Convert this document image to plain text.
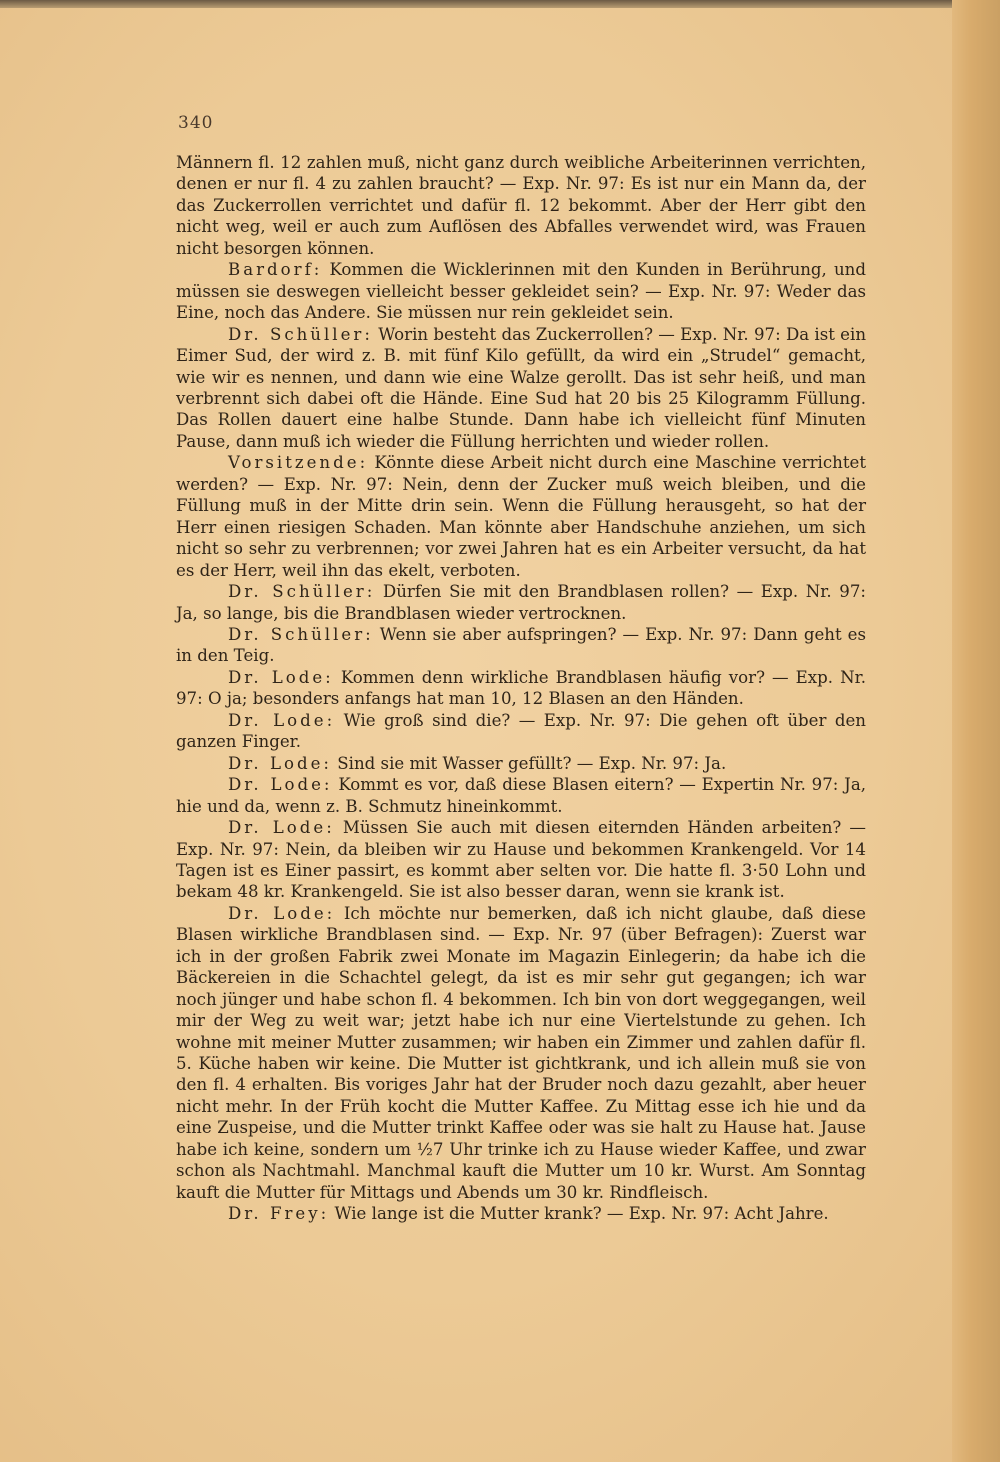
340

Männern fl. 12 zahlen muß, nicht ganz durch weibliche Arbeiterinnen verrichten, denen er nur fl. 4 zu zahlen braucht? — Exp. Nr. 97: Es ist nur ein Mann da, der das Zuckerrollen verrichtet und dafür fl. 12 bekommt. Aber der Herr gibt den nicht weg, weil er auch zum Auflösen des Abfalles verwendet wird, was Frauen nicht besorgen können.

Bardorf: Kommen die Wicklerinnen mit den Kunden in Berührung, und müssen sie deswegen vielleicht besser gekleidet sein? — Exp. Nr. 97: Weder das Eine, noch das Andere. Sie müssen nur rein gekleidet sein.

Dr. Schüller: Worin besteht das Zuckerrollen? — Exp. Nr. 97: Da ist ein Eimer Sud, der wird z. B. mit fünf Kilo gefüllt, da wird ein „Strudel“ gemacht, wie wir es nennen, und dann wie eine Walze gerollt. Das ist sehr heiß, und man verbrennt sich dabei oft die Hände. Eine Sud hat 20 bis 25 Kilogramm Füllung. Das Rollen dauert eine halbe Stunde. Dann habe ich vielleicht fünf Minuten Pause, dann muß ich wieder die Füllung herrichten und wieder rollen.

Vorsitzende: Könnte diese Arbeit nicht durch eine Maschine verrichtet werden? — Exp. Nr. 97: Nein, denn der Zucker muß weich bleiben, und die Füllung muß in der Mitte drin sein. Wenn die Füllung herausgeht, so hat der Herr einen riesigen Schaden. Man könnte aber Handschuhe anziehen, um sich nicht so sehr zu verbrennen; vor zwei Jahren hat es ein Arbeiter versucht, da hat es der Herr, weil ihn das ekelt, verboten.

Dr. Schüller: Dürfen Sie mit den Brandblasen rollen? — Exp. Nr. 97: Ja, so lange, bis die Brandblasen wieder vertrocknen.

Dr. Schüller: Wenn sie aber aufspringen? — Exp. Nr. 97: Dann geht es in den Teig.

Dr. Lode: Kommen denn wirkliche Brandblasen häufig vor? — Exp. Nr. 97: O ja; besonders anfangs hat man 10, 12 Blasen an den Händen.

Dr. Lode: Wie groß sind die? — Exp. Nr. 97: Die gehen oft über den ganzen Finger.

Dr. Lode: Sind sie mit Wasser gefüllt? — Exp. Nr. 97: Ja.

Dr. Lode: Kommt es vor, daß diese Blasen eitern? — Expertin Nr. 97: Ja, hie und da, wenn z. B. Schmutz hineinkommt.

Dr. Lode: Müssen Sie auch mit diesen eiternden Händen arbeiten? — Exp. Nr. 97: Nein, da bleiben wir zu Hause und bekommen Krankengeld. Vor 14 Tagen ist es Einer passirt, es kommt aber selten vor. Die hatte fl. 3·50 Lohn und bekam 48 kr. Krankengeld. Sie ist also besser daran, wenn sie krank ist.

Dr. Lode: Ich möchte nur bemerken, daß ich nicht glaube, daß diese Blasen wirkliche Brandblasen sind. — Exp. Nr. 97 (über Befragen): Zuerst war ich in der großen Fabrik zwei Monate im Magazin Einlegerin; da habe ich die Bäckereien in die Schachtel gelegt, da ist es mir sehr gut gegangen; ich war noch jünger und habe schon fl. 4 bekommen. Ich bin von dort weggegangen, weil mir der Weg zu weit war; jetzt habe ich nur eine Viertelstunde zu gehen. Ich wohne mit meiner Mutter zusammen; wir haben ein Zimmer und zahlen dafür fl. 5. Küche haben wir keine. Die Mutter ist gichtkrank, und ich allein muß sie von den fl. 4 erhalten. Bis voriges Jahr hat der Bruder noch dazu gezahlt, aber heuer nicht mehr. In der Früh kocht die Mutter Kaffee. Zu Mittag esse ich hie und da eine Zuspeise, und die Mutter trinkt Kaffee oder was sie halt zu Hause hat. Jause habe ich keine, sondern um ½7 Uhr trinke ich zu Hause wieder Kaffee, und zwar schon als Nachtmahl. Manchmal kauft die Mutter um 10 kr. Wurst. Am Sonntag kauft die Mutter für Mittags und Abends um 30 kr. Rindfleisch.

Dr. Frey: Wie lange ist die Mutter krank? — Exp. Nr. 97: Acht Jahre.
